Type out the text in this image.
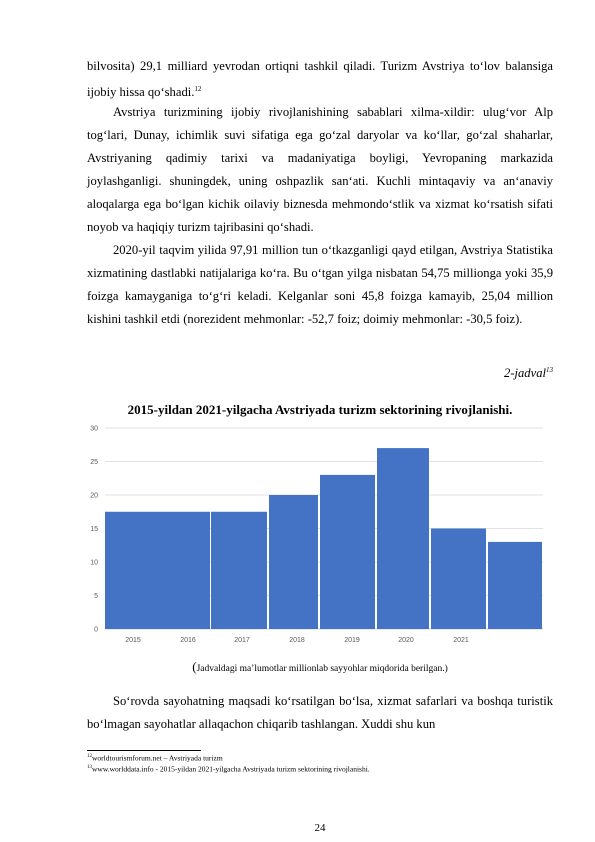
bilvosita) 29,1 milliard yevrodan ortiqni tashkil qiladi. Turizm Avstriya to‘lov balansiga ijobiy hissa qo‘shadi.$^{12}$

Avstriya turizmining ijobiy rivojlanishining sabablari xilma-xildir: ulug‘vor Alp tog‘lari, Dunay, ichimlik suvi sifatiga ega go‘zal daryolar va ko‘llar, go‘zal shaharlar, Avstriyaning qadimiy tarixi va madaniyatiga boyligi, Yevropaning markazida joylashganligi. shuningdek, uning oshpazlik san‘ati. Kuchli mintaqaviy va an‘anaviy aloqalarga ega bo‘lgan kichik oilaviy biznesda mehmondo‘stlik va xizmat ko‘rsatish sifati noyob va haqiqiy turizm tajribasini qo‘shadi.

2020-yil taqvim yilida 97,91 million tun o‘tkazganligi qayd etilgan, Avstriya Statistika xizmatining dastlabki natijalariga ko‘ra. Bu o‘tgan yilga nisbatan 54,75 millionga yoki 35,9 foizga kamayganiga to‘g‘ri keladi. Kelganlar soni 45,8 foizga kamayib, 25,04 million kishini tashkil etdi (norezident mehmonlar: -52,7 foiz; doimiy mehmonlar: -30,5 foiz).

2-jadval$^{13}$
2015-yildan 2021-yilgacha Avstriyada turizm sektorining rivojlanishi.
0
5
10
15
20
25
30
2015	2016	2017	2018	2019	2020	2021
(Jadvaldagi ma’lumotlar millionlab sayyohlar miqdorida berilgan.)

So‘rovda sayohatning maqsadi ko‘rsatilgan bo‘lsa, xizmat safarlari va boshqa turistik bo‘lmagan sayohatlar allaqachon chiqarib tashlangan. Xuddi shu kun

$^{12}$worldtourismforum.net – Avstriyada turizm
$^{13}$www.worlddata.info - 2015-yildan 2021-yilgacha Avstriyada turizm sektorining rivojlanishi.
24
